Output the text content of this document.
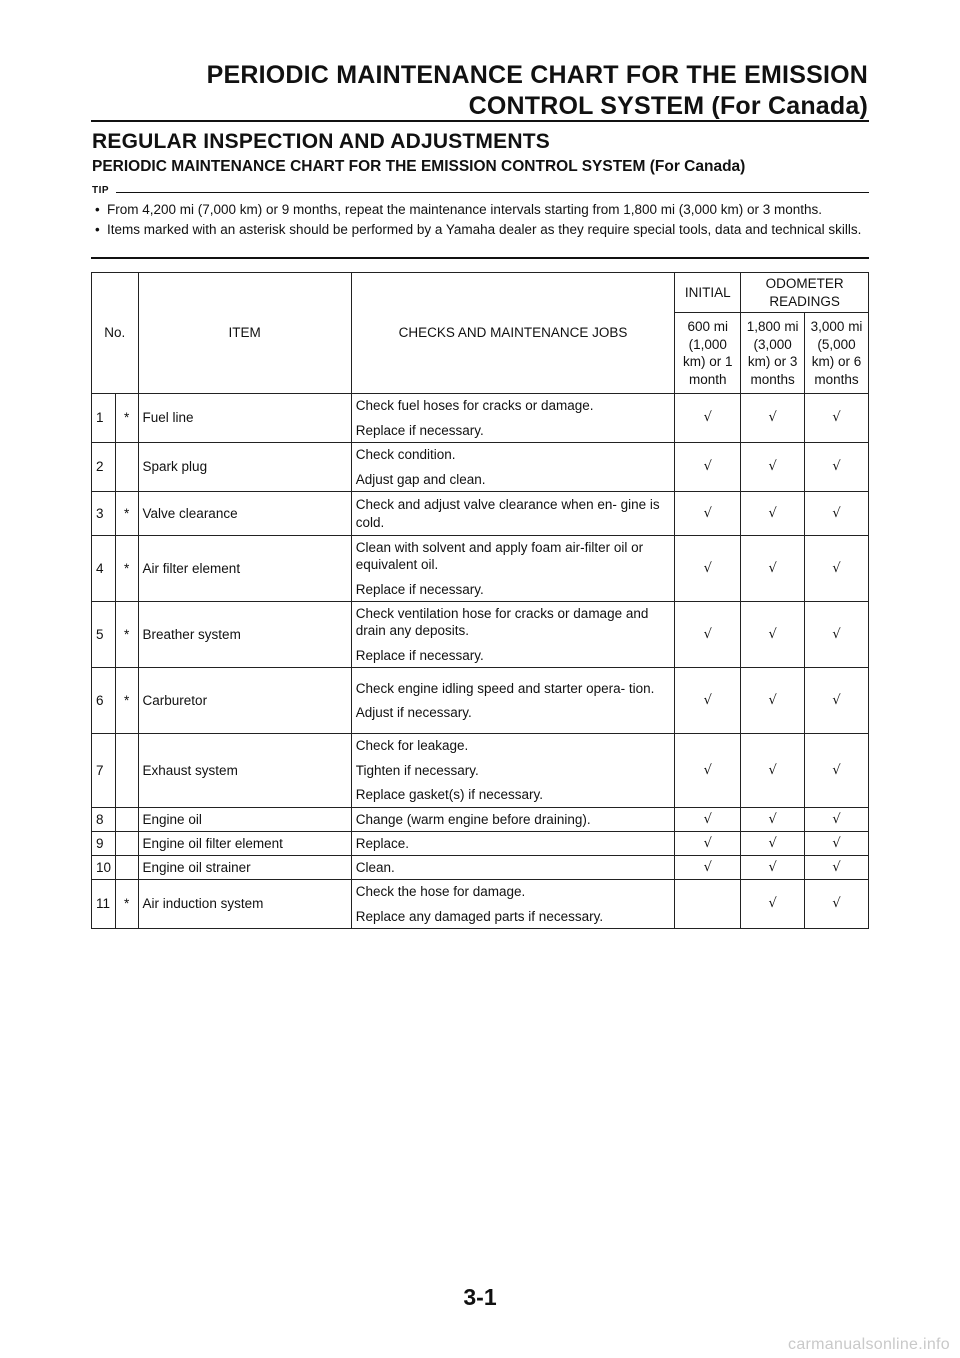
PERIODIC MAINTENANCE CHART FOR THE EMISSION
CONTROL SYSTEM (For Canada)
REGULAR INSPECTION AND ADJUSTMENTS
PERIODIC MAINTENANCE CHART FOR THE EMISSION CONTROL SYSTEM (For Canada)
TIP
• From 4,200 mi (7,000 km) or 9 months, repeat the maintenance intervals starting from 1,800 mi (3,000 km) or 3 months.
• Items marked with an asterisk should be performed by a Yamaha dealer as they require special tools, data and technical skills.
No.		ITEM	CHECKS AND MAINTENANCE JOBS	INITIAL	ODOMETER READINGS	
				600 mi (1,000 km) or 1 month	1,800 mi (3,000 km) or 3 months	3,000 mi (5,000 km) or 6 months
1	*	Fuel line	Check fuel hoses for cracks or damage.
Replace if necessary.	√	√	√
2		Spark plug	Check condition.
Adjust gap and clean.	√	√	√
3	*	Valve clearance	Check and adjust valve clearance when en- gine is cold.	√	√	√
4	*	Air filter element	Clean with solvent and apply foam air-filter oil or equivalent oil.
Replace if necessary.	√	√	√
5	*	Breather system	Check ventilation hose for cracks or damage and drain any deposits.
Replace if necessary.	√	√	√
6	*	Carburetor	Check engine idling speed and starter opera- tion.
Adjust if necessary.	√	√	√
7		Exhaust system	Check for leakage.
Tighten if necessary.
Replace gasket(s) if necessary.	√	√	√
8		Engine oil	Change (warm engine before draining).	√	√	√
9		Engine oil filter element	Replace.	√	√	√
10		Engine oil strainer	Clean.	√	√	√
11	*	Air induction system	Check the hose for damage.
Replace any damaged parts if necessary.		√	√
3-1
carmanualsonline.info
